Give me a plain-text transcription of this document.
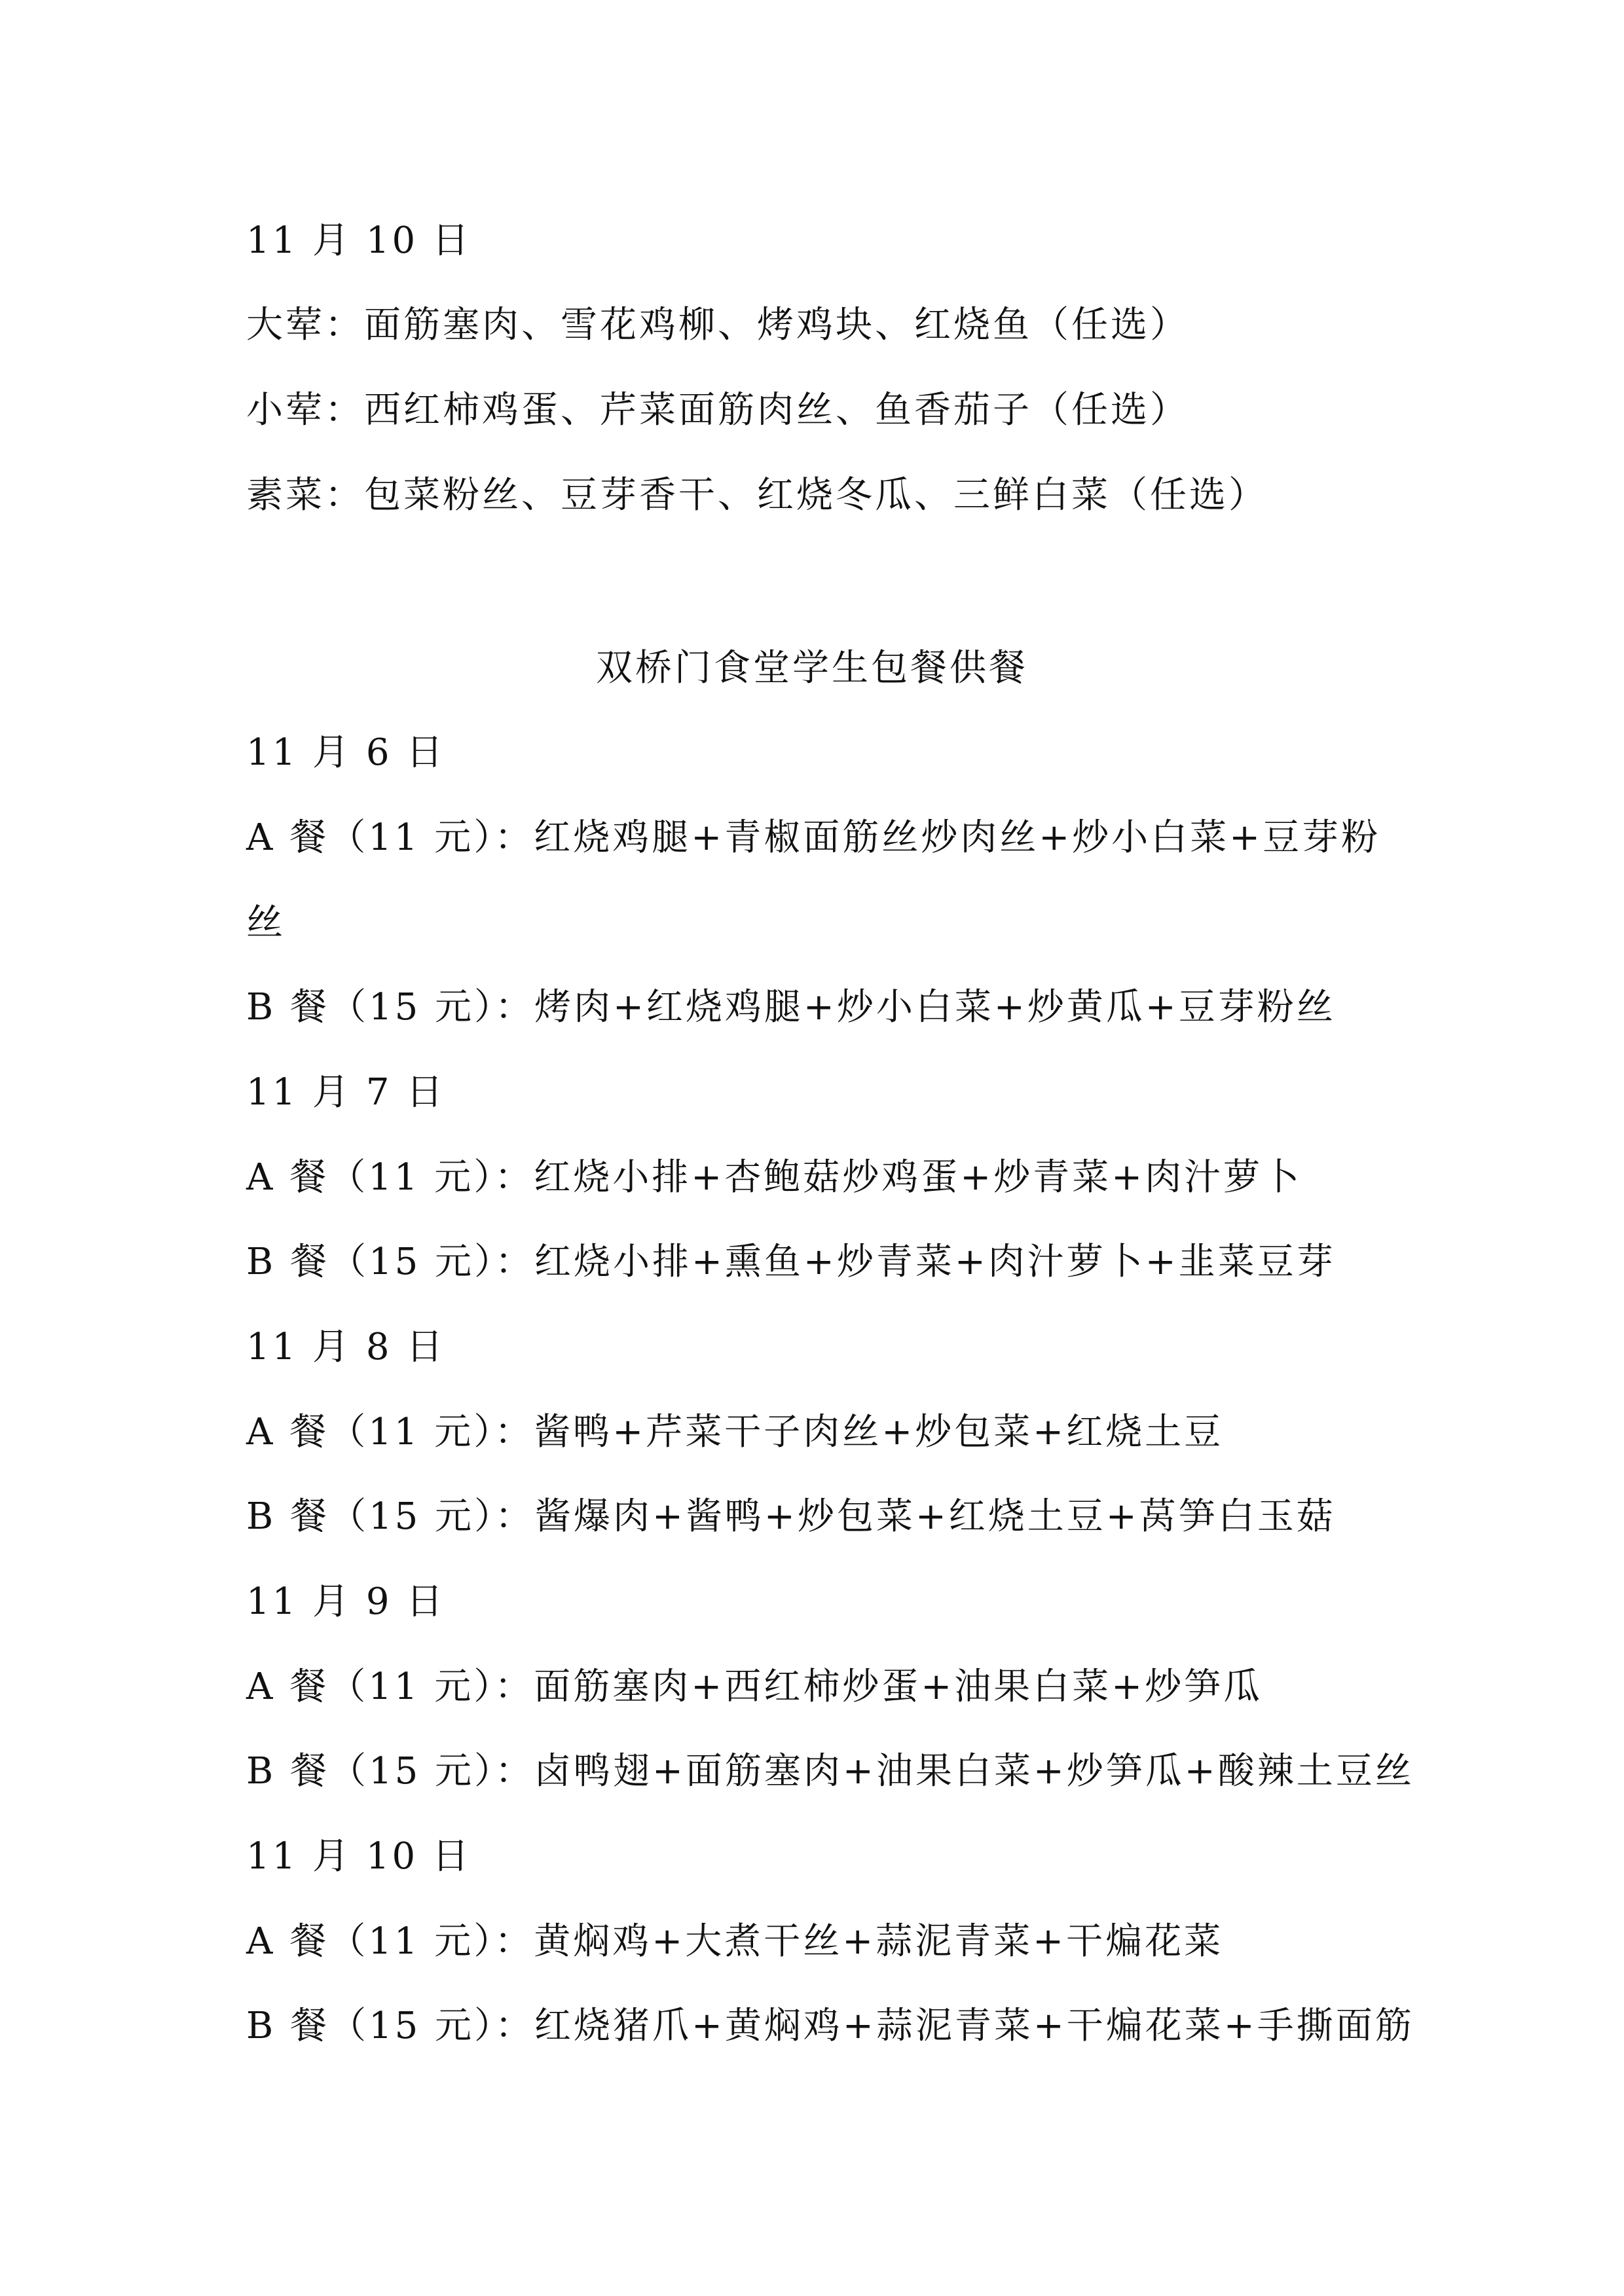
11 月 10 日
大荤：面筋塞肉、雪花鸡柳、烤鸡块、红烧鱼（任选）
小荤：西红柿鸡蛋、芹菜面筋肉丝、鱼香茄子（任选）
素菜：包菜粉丝、豆芽香干、红烧冬瓜、三鲜白菜（任选）
双桥门食堂学生包餐供餐
11 月 6 日
A 餐（11 元）：红烧鸡腿+青椒面筋丝炒肉丝+炒小白菜+豆芽粉
丝
B 餐（15 元）：烤肉+红烧鸡腿+炒小白菜+炒黄瓜+豆芽粉丝
11 月 7 日
A 餐（11 元）：红烧小排+杏鲍菇炒鸡蛋+炒青菜+肉汁萝卜
B 餐（15 元）：红烧小排+熏鱼+炒青菜+肉汁萝卜+韭菜豆芽
11 月 8 日
A 餐（11 元）：酱鸭+芹菜干子肉丝+炒包菜+红烧土豆
B 餐（15 元）：酱爆肉+酱鸭+炒包菜+红烧土豆+莴笋白玉菇
11 月 9 日
A 餐（11 元）：面筋塞肉+西红柿炒蛋+油果白菜+炒笋瓜
B 餐（15 元）：卤鸭翅+面筋塞肉+油果白菜+炒笋瓜+酸辣土豆丝
11 月 10 日
A 餐（11 元）：黄焖鸡+大煮干丝+蒜泥青菜+干煸花菜
B 餐（15 元）：红烧猪爪+黄焖鸡+蒜泥青菜+干煸花菜+手撕面筋
